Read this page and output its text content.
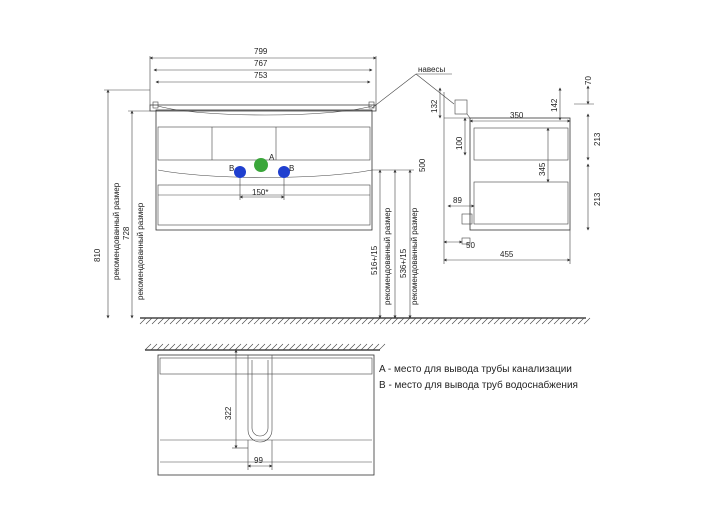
799
767
753
810 рекомендованный размер 728 рекомендованный размер
500
516+/15 рекомендованный размер 536+/15 рекомендованный размер
150*
A
B	B
навесы
70
132	142
100
350
213
345
213
89
50
455
322
99
A - место для вывода трубы канализации
B - место для вывода труб водоснабжения
